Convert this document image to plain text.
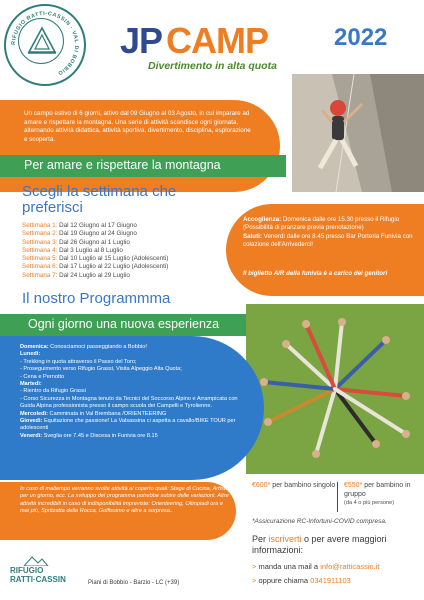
RIFUGIO RATTI-CASSIN · VAL DI BOBBIO
JP CAMP	2022
Divertimento in alta quota
Un campo estivo di 6 giorni, attivo dal 09 Giugno al 03 Agosto, in cui imparare ad amare e rispettare la montagna. Una serie di attività scandisce ogni giornata, alternando attività didattica, attività sportiva, divertimento, disciplina, esplorazione e scoperta.
Per amare e rispettare la montagna
Scegli la settimana che preferisci
Settimana 1: Dal 12 Giugno al 17 Giugno
Settimana 2: Dal 19 Giugno al 24 Giugno
Settimana 3: Dal 26 Giugno al 1 Luglio
Settimana 4: Dal 3 Luglio al 8 Luglio
Settimana 5: Dal 10 Luglio al 15 Luglio (Adolescenti)
Settimana 6: Dal 17 Luglio al 22 Luglio (Adolescenti)
Settimana 7: Dal 24 Luglio al 29 Luglio
Accoglienza: Domenica dalle ore 15.30 presso il Rifugio (Possibilità di pranzare previa prenotazione)
Saluti: Venerdì dalle ore 8.45 presso Bar Porteria Funivia con colazione dell'Arrivederci!
Il biglietto A/R della funivia è a carico dei genitori
Il nostro Programmma
Ogni giorno una nuova esperienza
Domenica: Conosciamoci passeggiando a Bobbio!
Lunedì:
- Trekking in quota attraverso il Passo del Toro;
- Proseguimento verso Rifugio Grassi, Visita Alpeggio Alta Quota;
- Cena e Pernotto
Martedì:
- Rientro da Rifugio Grassi
- Corso Sicurezza in Montagna tenuto da Tecnici del Soccorso Alpino e Arrampicata con Guida Alpina professionista presso il campo scuola dei Campelli e Tyrolienne.
Mercoledì: Camminata in Val Brembana /ORIENTEERING
Giovedì: Equitazione che passione! La Valsassina ci aspetta a cavallo/BIKE TOUR per adolescenti
Venerdì: Sveglia ore 7.45 e Discesa in Funivia ore 8.15
In caso di maltempo verranno svolte attività al coperto quali: Stage di Cucina, Artista per un giorno, ecc. La sviluppo del programma potrebbe subire delle variazioni. Altre attività incredibili in caso di indisponibilità impreviste: Orienteering, Olimpiadi ora e mai più, Spritzatta della Rocca, Golfissimo e altre a sorpresa..
€600* per bambino singolo €550* per bambino in gruppo
(da 4 o più persone)
*Assicurazione RC-Infortuni-COVID compresa.
Per iscriverti o per avere maggiori informazioni:
> manda una mail a info@ratticassin.it
> oppure chiama 0341911103
RIFUGIO
RATTI·CASSIN	Piani di Bobbio - Barzio - LC (+39)
